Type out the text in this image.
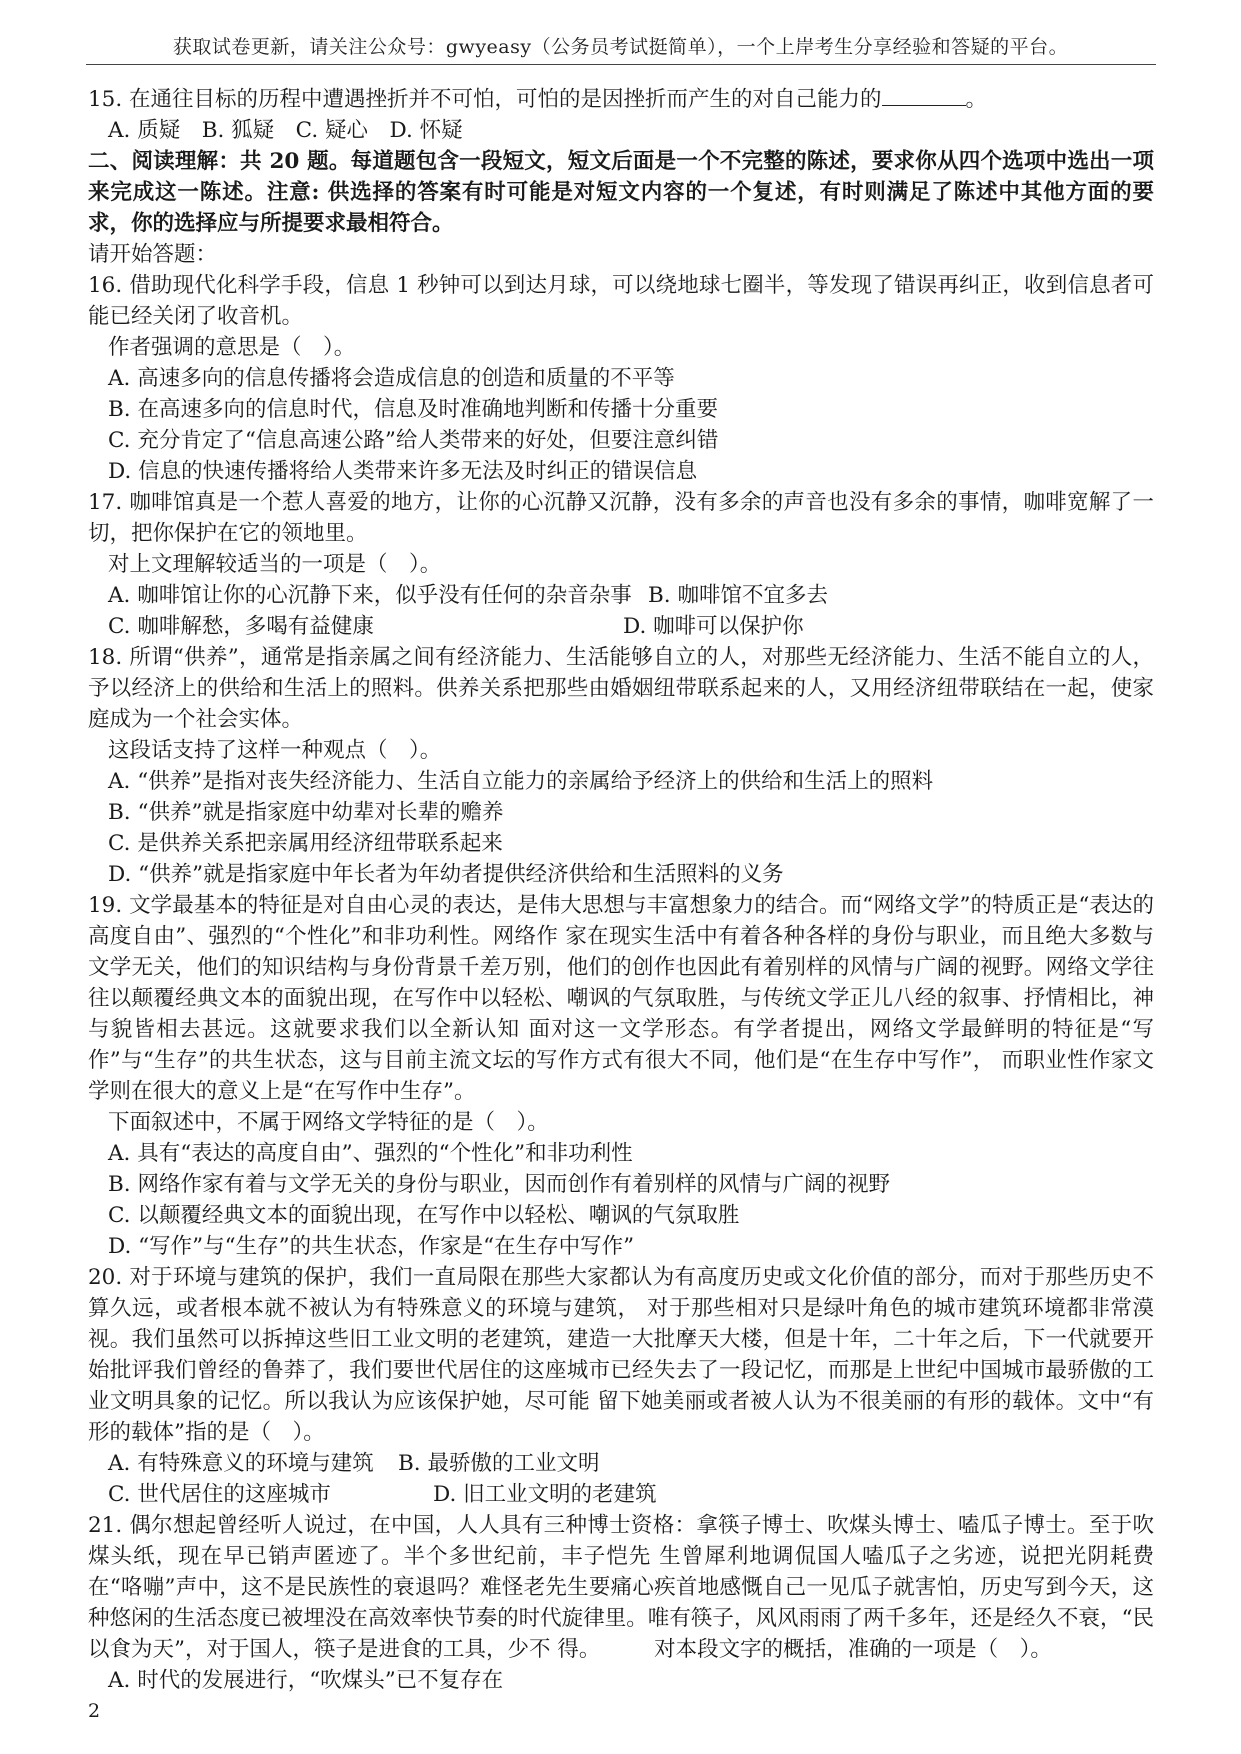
获取试卷更新，请关注公众号：gwyeasy（公务员考试挺简单），一个上岸考生分享经验和答疑的平台。

15. 在通往目标的历程中遭遇挫折并不可怕，可怕的是因挫折而产生的对自己能力的	。

A. 质疑　B. 狐疑　C. 疑心　D. 怀疑

二、阅读理解：共 20 题。每道题包含一段短文，短文后面是一个不完整的陈述，要求你从四个选项中选出一项来完成这一陈述。注意: 供选择的答案有时可能是对短文内容的一个复述，有时则满足了陈述中其他方面的要求，你的选择应与所提要求最相符合。

请开始答题：

16. 借助现代化科学手段，信息 1 秒钟可以到达月球，可以绕地球七圈半，等发现了错误再纠正，收到信息者可能已经关闭了收音机。

作者强调的意思是（　）。

A. 高速多向的信息传播将会造成信息的创造和质量的不平等

B. 在高速多向的信息时代，信息及时准确地判断和传播十分重要

C. 充分肯定了“信息高速公路”给人类带来的好处，但要注意纠错

D. 信息的快速传播将给人类带来许多无法及时纠正的错误信息

17. 咖啡馆真是一个惹人喜爱的地方，让你的心沉静又沉静，没有多余的声音也没有多余的事情，咖啡宽解了一切，把你保护在它的领地里。

对上文理解较适当的一项是（　）。

A. 咖啡馆让你的心沉静下来，似乎没有任何的杂音杂事 B. 咖啡馆不宜多去
C. 咖啡解愁，多喝有益健康	D. 咖啡可以保护你

18. 所谓“供养”，通常是指亲属之间有经济能力、生活能够自立的人，对那些无经济能力、生活不能自立的人，予以经济上的供给和生活上的照料。供养关系把那些由婚姻纽带联系起来的人，又用经济纽带联结在一起，使家庭成为一个社会实体。

这段话支持了这样一种观点（　）。

A. “供养”是指对丧失经济能力、生活自立能力的亲属给予经济上的供给和生活上的照料

B. “供养”就是指家庭中幼辈对长辈的赡养

C. 是供养关系把亲属用经济纽带联系起来

D. “供养”就是指家庭中年长者为年幼者提供经济供给和生活照料的义务

19. 文学最基本的特征是对自由心灵的表达，是伟大思想与丰富想象力的结合。而“网络文学”的特质正是“表达的高度自由”、强烈的“个性化”和非功利性。网络作 家在现实生活中有着各种各样的身份与职业，而且绝大多数与文学无关，他们的知识结构与身份背景千差万别，他们的创作也因此有着别样的风情与广阔的视野。网络文学往往以颠覆经典文本的面貌出现，在写作中以轻松、嘲讽的气氛取胜，与传统文学正儿八经的叙事、抒情相比，神与貌皆相去甚远。这就要求我们以全新认知 面对这一文学形态。有学者提出，网络文学最鲜明的特征是“写作”与“生存”的共生状态，这与目前主流文坛的写作方式有很大不同，他们是“在生存中写作”， 而职业性作家文学则在很大的意义上是“在写作中生存”。

下面叙述中，不属于网络文学特征的是（　）。

A. 具有“表达的高度自由”、强烈的“个性化”和非功利性

B. 网络作家有着与文学无关的身份与职业，因而创作有着别样的风情与广阔的视野

C. 以颠覆经典文本的面貌出现，在写作中以轻松、嘲讽的气氛取胜

D. “写作”与“生存”的共生状态，作家是“在生存中写作”

20. 对于环境与建筑的保护，我们一直局限在那些大家都认为有高度历史或文化价值的部分，而对于那些历史不算久远，或者根本就不被认为有特殊意义的环境与建筑， 对于那些相对只是绿叶角色的城市建筑环境都非常漠视。我们虽然可以拆掉这些旧工业文明的老建筑，建造一大批摩天大楼，但是十年，二十年之后，下一代就要开始批评我们曾经的鲁莽了，我们要世代居住的这座城市已经失去了一段记忆，而那是上世纪中国城市最骄傲的工业文明具象的记忆。所以我认为应该保护她，尽可能 留下她美丽或者被人认为不很美丽的有形的载体。文中“有形的载体”指的是（　）。

A. 有特殊意义的环境与建筑	B. 最骄傲的工业文明
C. 世代居住的这座城市	D. 旧工业文明的老建筑

21. 偶尔想起曾经听人说过，在中国，人人具有三种博士资格：拿筷子博士、吹煤头博士、嗑瓜子博士。至于吹煤头纸，现在早已销声匿迹了。半个多世纪前，丰子恺先 生曾犀利地调侃国人嗑瓜子之劣迹，说把光阴耗费在“咯嘣”声中，这不是民族性的衰退吗？难怪老先生要痛心疾首地感慨自己一见瓜子就害怕，历史写到今天，这种悠闲的生活态度已被埋没在高效率快节奏的时代旋律里。唯有筷子，风风雨雨了两千多年，还是经久不衰，“民以食为天”，对于国人，筷子是进食的工具，少不 得。　　　对本段文字的概括，准确的一项是（　）。

A. 时代的发展进行，“吹煤头”已不复存在

2
